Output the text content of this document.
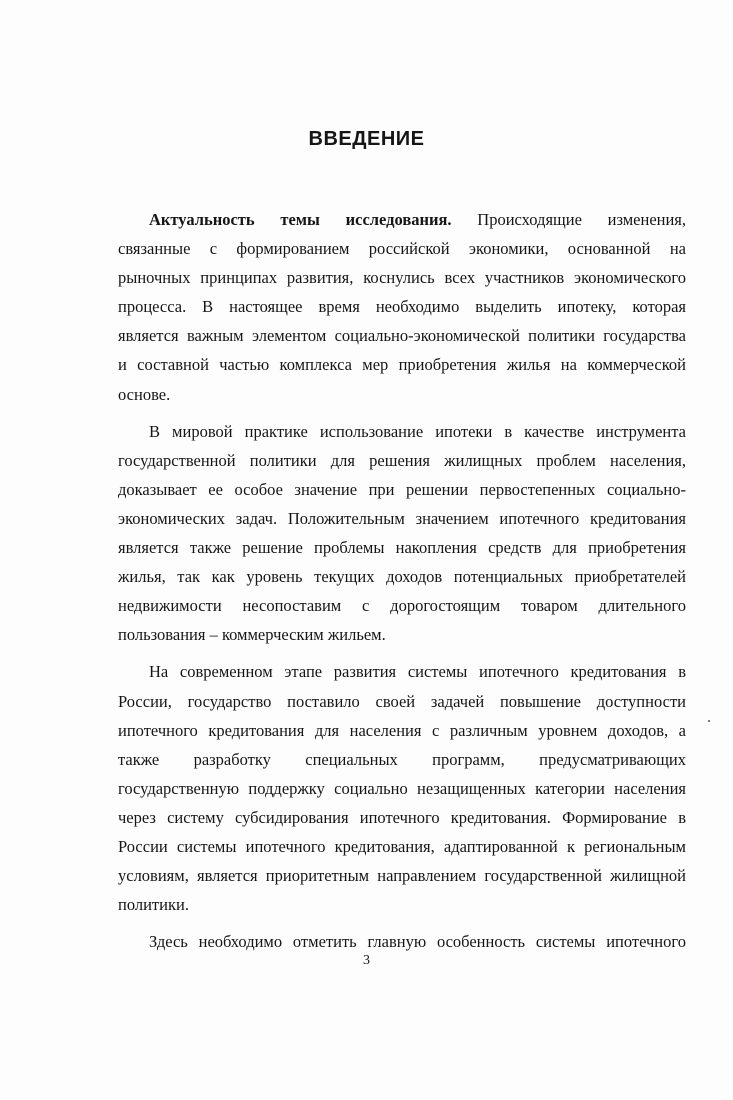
ВВЕДЕНИЕ
Актуальность темы исследования. Происходящие изменения,
связанные с формированием российской экономики, основанной на
рыночных принципах развития, коснулись всех участников экономического
процесса. В настоящее время необходимо выделить ипотеку, которая
является важным элементом социально-экономической политики государства
и составной частью комплекса мер приобретения жилья на коммерческой
основе.
В мировой практике использование ипотеки в качестве инструмента
государственной политики для решения жилищных проблем населения,
доказывает ее особое значение при решении первостепенных социально-
экономических задач. Положительным значением ипотечного кредитования
является также решение проблемы накопления средств для приобретения
жилья, так как уровень текущих доходов потенциальных приобретателей
недвижимости несопоставим с дорогостоящим товаром длительного
пользования – коммерческим жильем.
На современном этапе развития системы ипотечного кредитования в
России, государство поставило своей задачей повышение доступности
ипотечного кредитования для населения с различным уровнем доходов, а
также разработку специальных программ, предусматривающих
государственную поддержку социально незащищенных категории населения
через систему субсидирования ипотечного кредитования. Формирование в
России системы ипотечного кредитования, адаптированной к региональным
условиям, является приоритетным направлением государственной жилищной
политики.
Здесь необходимо отметить главную особенность системы ипотечного
3
